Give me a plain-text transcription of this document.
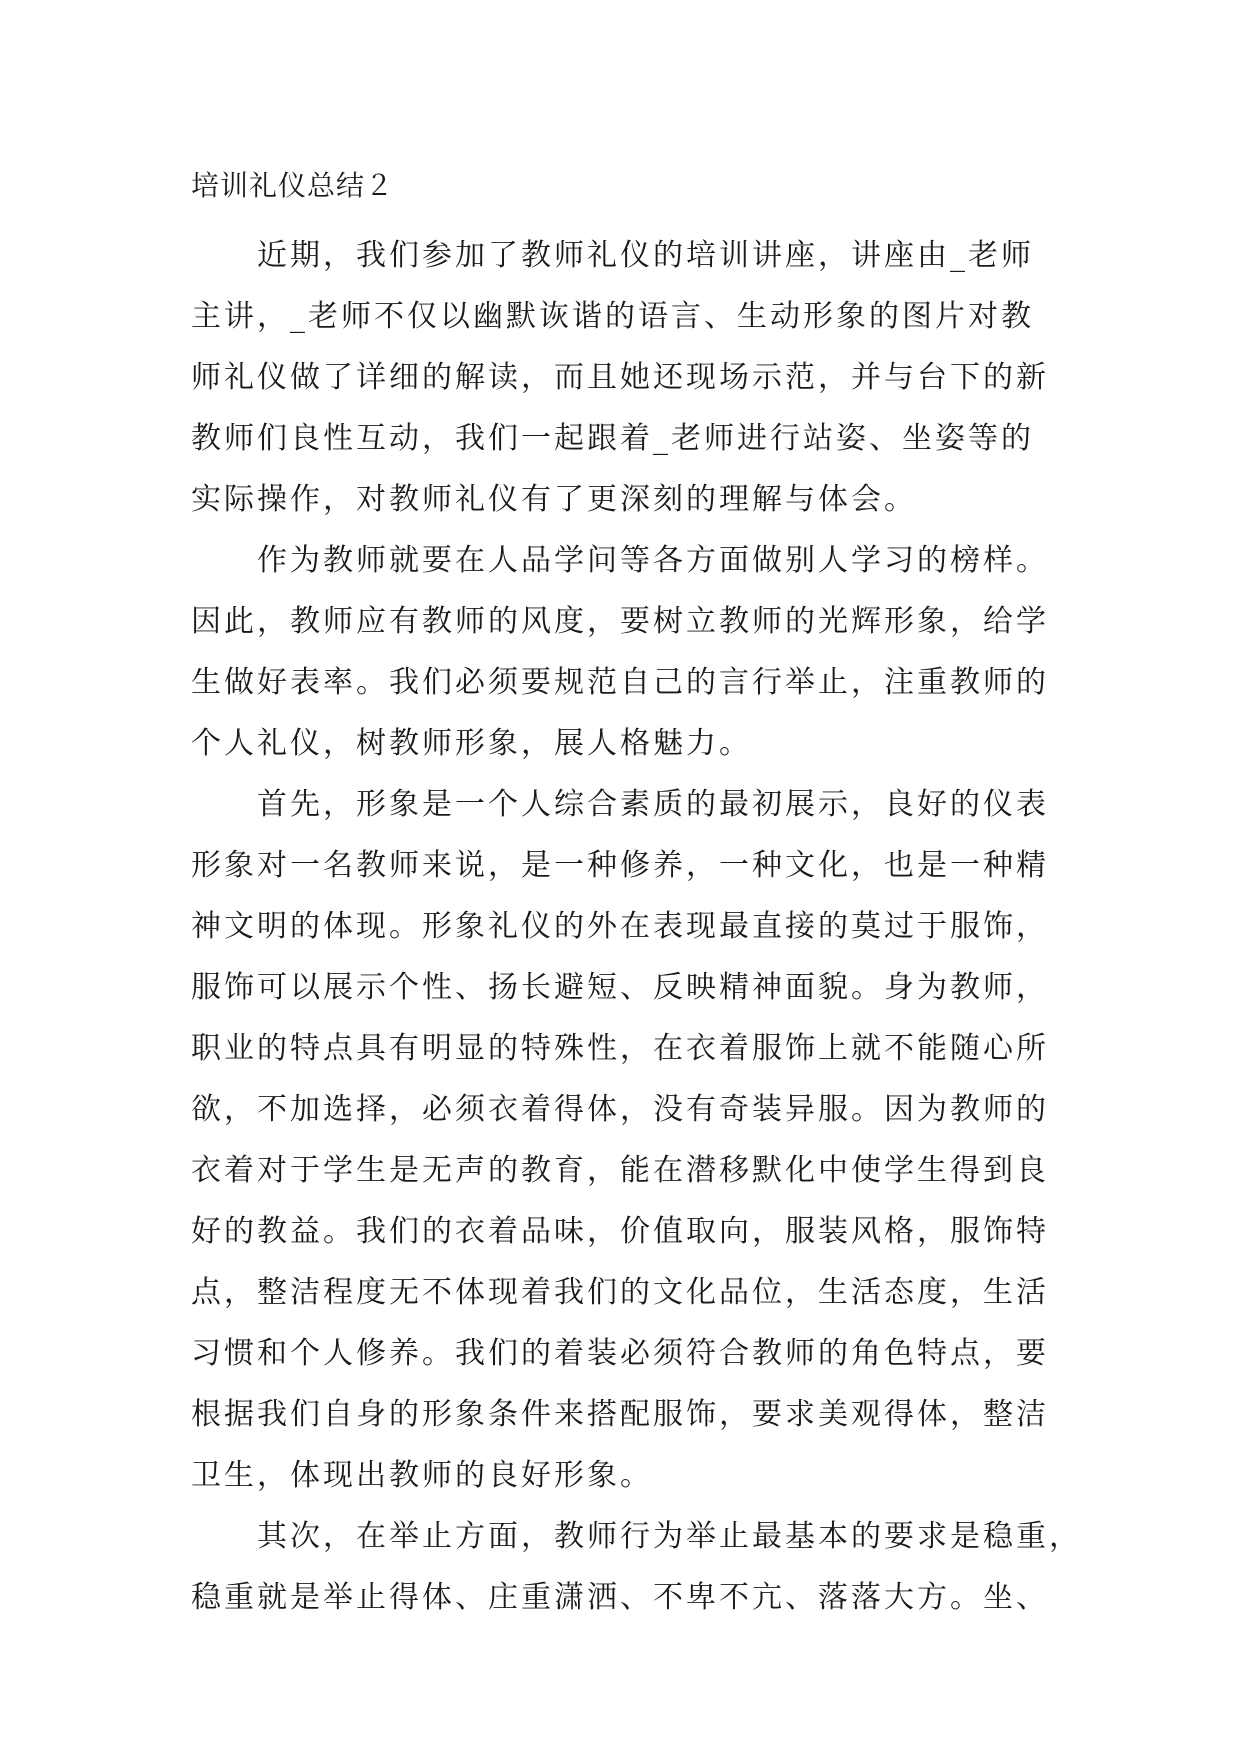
培训礼仪总结２
近期，我们参加了教师礼仪的培训讲座，讲座由_老师
主讲，_老师不仅以幽默诙谐的语言、生动形象的图片对教
师礼仪做了详细的解读，而且她还现场示范，并与台下的新
教师们良性互动，我们一起跟着_老师进行站姿、坐姿等的
实际操作，对教师礼仪有了更深刻的理解与体会。
作为教师就要在人品学问等各方面做别人学习的榜样。
因此，教师应有教师的风度，要树立教师的光辉形象，给学
生做好表率。我们必须要规范自己的言行举止，注重教师的
个人礼仪，树教师形象，展人格魅力。
首先，形象是一个人综合素质的最初展示，良好的仪表
形象对一名教师来说，是一种修养，一种文化，也是一种精
神文明的体现。形象礼仪的外在表现最直接的莫过于服饰，
服饰可以展示个性、扬长避短、反映精神面貌。身为教师，
职业的特点具有明显的特殊性，在衣着服饰上就不能随心所
欲，不加选择，必须衣着得体，没有奇装异服。因为教师的
衣着对于学生是无声的教育，能在潜移默化中使学生得到良
好的教益。我们的衣着品味，价值取向，服装风格，服饰特
点，整洁程度无不体现着我们的文化品位，生活态度，生活
习惯和个人修养。我们的着装必须符合教师的角色特点，要
根据我们自身的形象条件来搭配服饰，要求美观得体，整洁
卫生，体现出教师的良好形象。
其次，在举止方面，教师行为举止最基本的要求是稳重，
稳重就是举止得体、庄重潇洒、不卑不亢、落落大方。坐、
